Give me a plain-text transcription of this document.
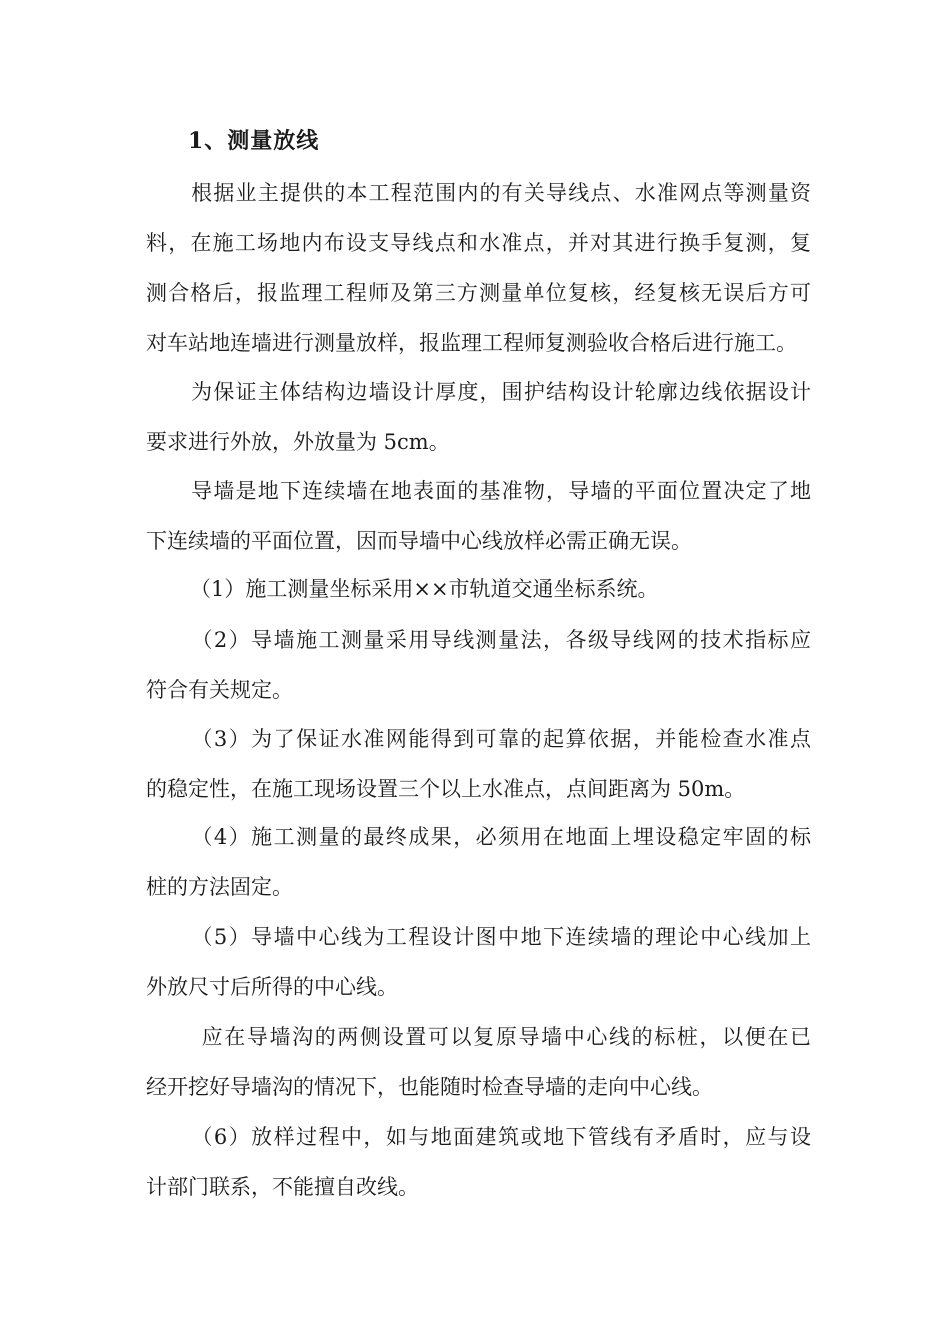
1、测量放线

根据业主提供的本工程范围内的有关导线点、水准网点等测量资
料，在施工场地内布设支导线点和水准点，并对其进行换手复测，复
测合格后，报监理工程师及第三方测量单位复核，经复核无误后方可
对车站地连墙进行测量放样，报监理工程师复测验收合格后进行施工。

为保证主体结构边墙设计厚度，围护结构设计轮廓边线依据设计
要求进行外放，外放量为 5cm。

导墙是地下连续墙在地表面的基准物，导墙的平面位置决定了地
下连续墙的平面位置，因而导墙中心线放样必需正确无误。

（1）施工测量坐标采用××市轨道交通坐标系统。

（2）导墙施工测量采用导线测量法，各级导线网的技术指标应
符合有关规定。

（3）为了保证水准网能得到可靠的起算依据，并能检查水准点
的稳定性，在施工现场设置三个以上水准点，点间距离为 50m。

（4）施工测量的最终成果，必须用在地面上埋设稳定牢固的标
桩的方法固定。

（5）导墙中心线为工程设计图中地下连续墙的理论中心线加上
外放尺寸后所得的中心线。

应在导墙沟的两侧设置可以复原导墙中心线的标桩，以便在已
经开挖好导墙沟的情况下，也能随时检查导墙的走向中心线。

（6）放样过程中，如与地面建筑或地下管线有矛盾时，应与设
计部门联系，不能擅自改线。
